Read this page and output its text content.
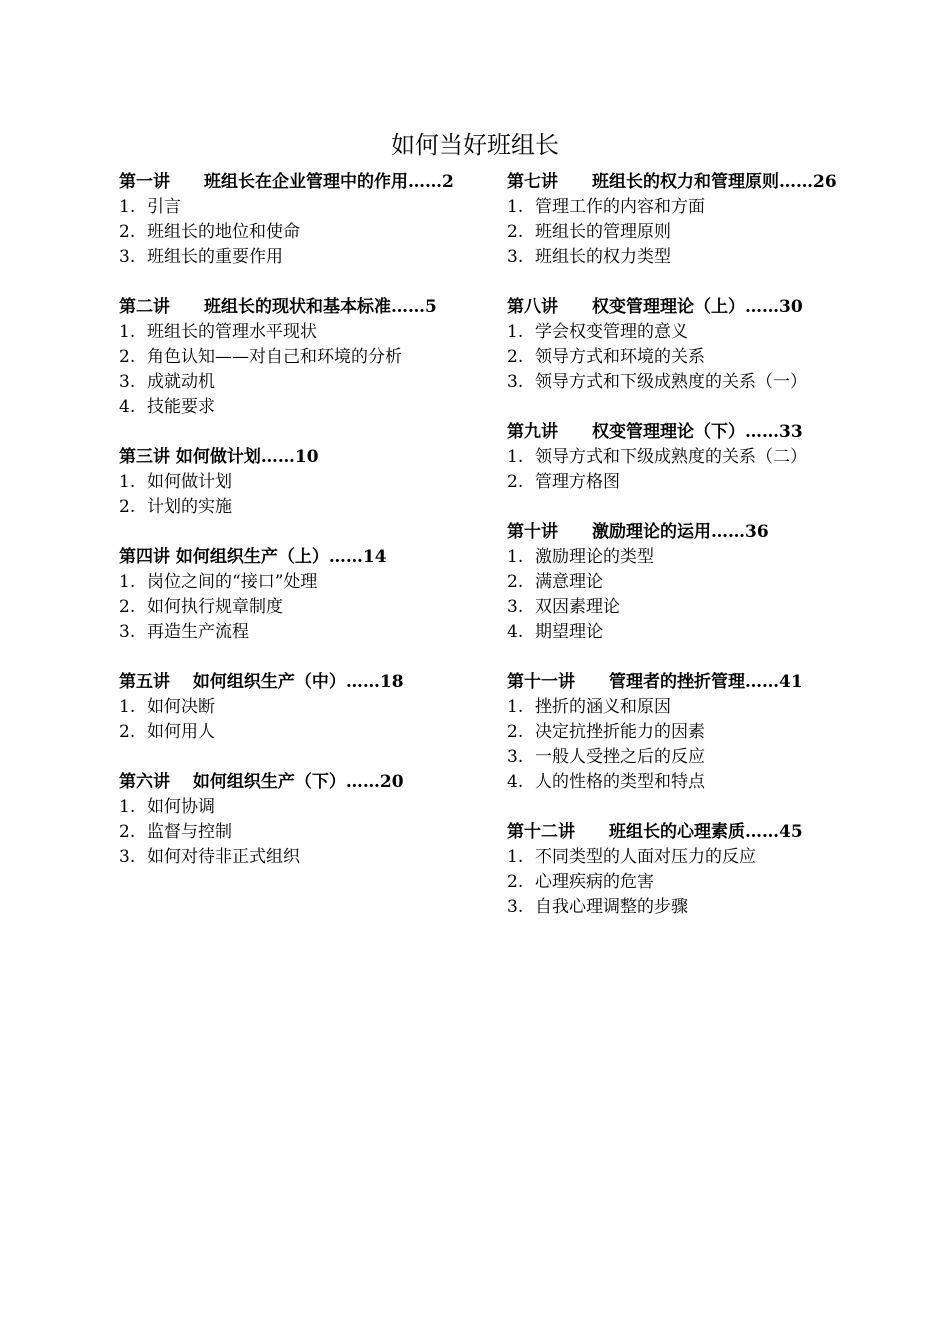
如何当好班组长
第一讲　　班组长在企业管理中的作用……2
1. 引言
2. 班组长的地位和使命
3. 班组长的重要作用
第二讲　　班组长的现状和基本标准……5
1. 班组长的管理水平现状
2. 角色认知——对自己和环境的分析
3. 成就动机
4. 技能要求
第三讲 如何做计划……10
1. 如何做计划
2. 计划的实施
第四讲 如何组织生产（上）……14
1. 岗位之间的“接口”处理
2. 如何执行规章制度
3. 再造生产流程
第五讲　 如何组织生产（中）……18
1. 如何决断
2. 如何用人
第六讲　 如何组织生产（下）……20
1. 如何协调
2. 监督与控制
3. 如何对待非正式组织
第七讲　　班组长的权力和管理原则……26
1. 管理工作的内容和方面
2. 班组长的管理原则
3. 班组长的权力类型
第八讲　　权变管理理论（上）……30
1. 学会权变管理的意义
2. 领导方式和环境的关系
3. 领导方式和下级成熟度的关系（一）
第九讲　　权变管理理论（下）……33
1. 领导方式和下级成熟度的关系（二）
2. 管理方格图
第十讲　　激励理论的运用……36
1. 激励理论的类型
2. 满意理论
3. 双因素理论
4. 期望理论
第十一讲　　管理者的挫折管理……41
1. 挫折的涵义和原因
2. 决定抗挫折能力的因素
3. 一般人受挫之后的反应
4. 人的性格的类型和特点
第十二讲　　班组长的心理素质……45
1. 不同类型的人面对压力的反应
2. 心理疾病的危害
3. 自我心理调整的步骤
